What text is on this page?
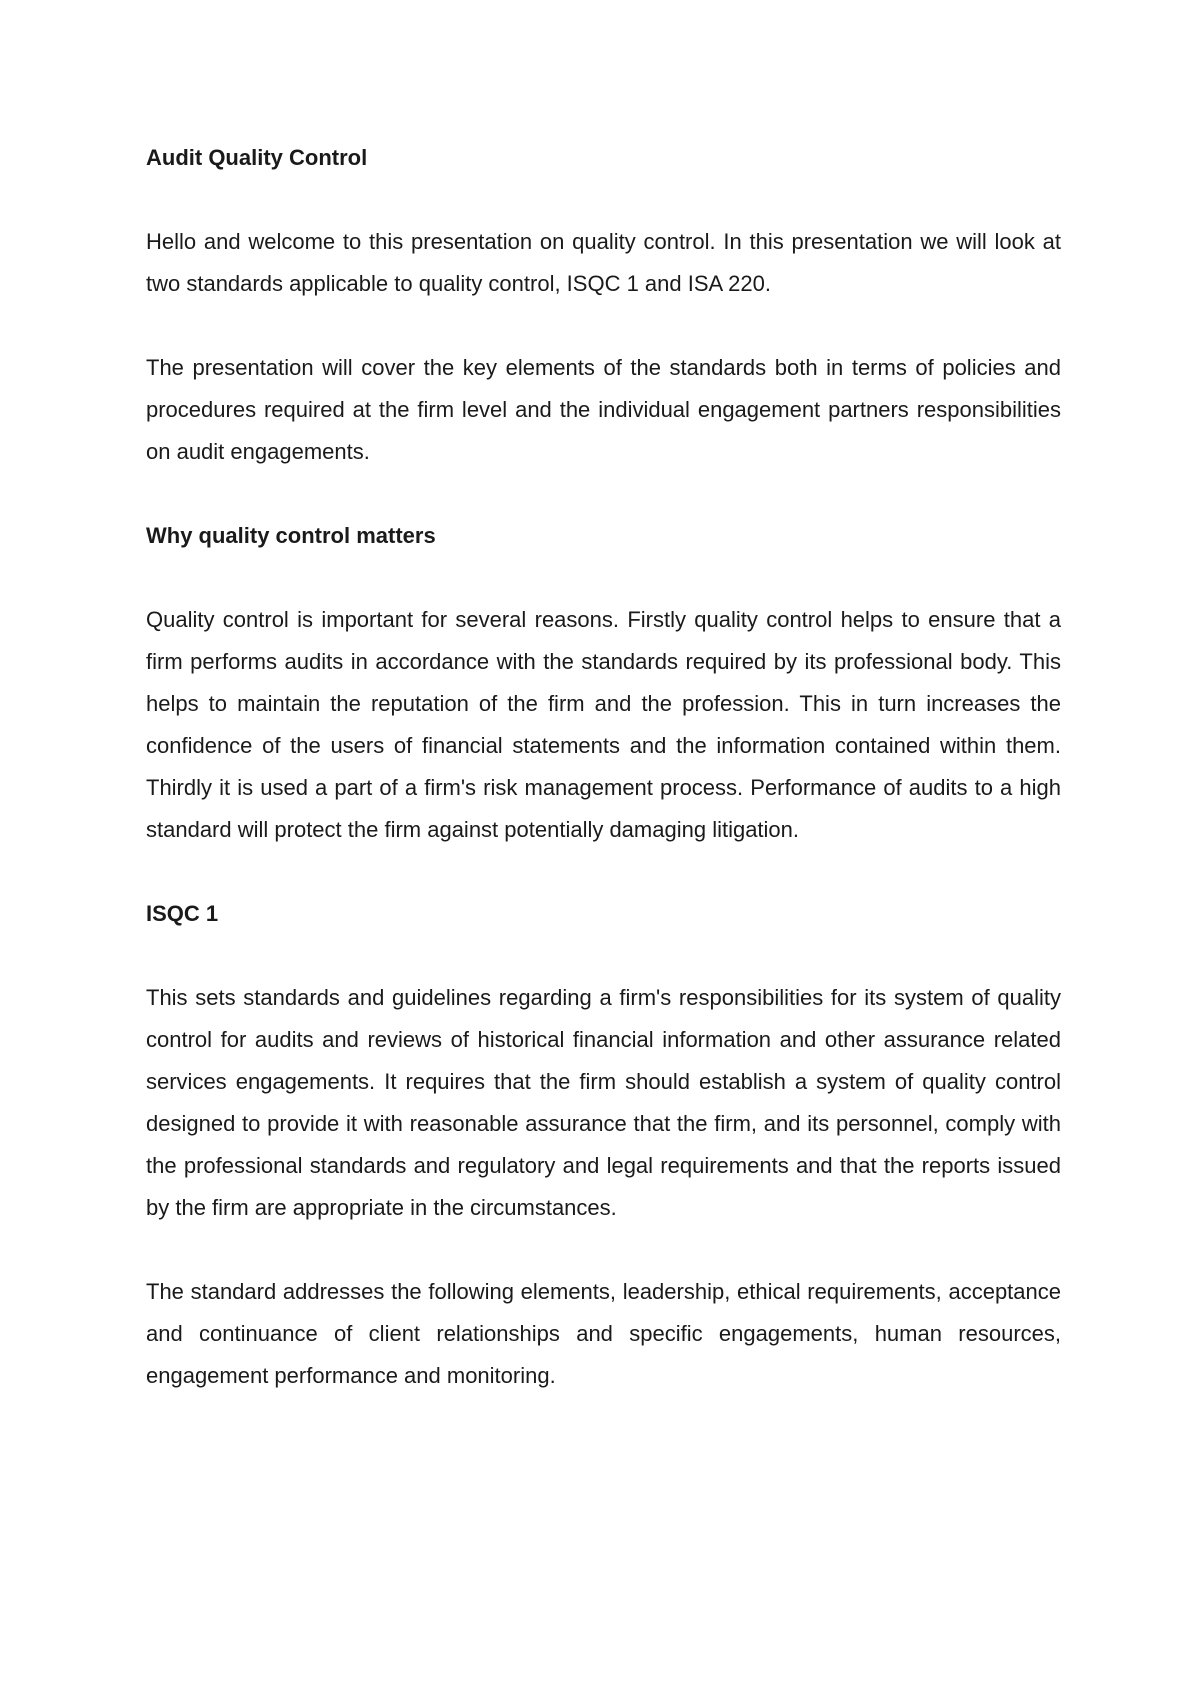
Audit Quality Control

Hello and welcome to this presentation on quality control. In this presentation we will look at two standards applicable to quality control, ISQC 1 and ISA 220.

The presentation will cover the key elements of the standards both in terms of policies and procedures required at the firm level and the individual engagement partners responsibilities on audit engagements.

Why quality control matters

Quality control is important for several reasons. Firstly quality control helps to ensure that a firm performs audits in accordance with the standards required by its professional body. This helps to maintain the reputation of the firm and the profession. This in turn increases the confidence of the users of financial statements and the information contained within them. Thirdly it is used a part of a firm's risk management process. Performance of audits to a high standard will protect the firm against potentially damaging litigation.

ISQC 1

This sets standards and guidelines regarding a firm's responsibilities for its system of quality control for audits and reviews of historical financial information and other assurance related services engagements. It requires that the firm should establish a system of quality control designed to provide it with reasonable assurance that the firm, and its personnel, comply with the professional standards and regulatory and legal requirements and that the reports issued by the firm are appropriate in the circumstances.

The standard addresses the following elements, leadership, ethical requirements, acceptance and continuance of client relationships and specific engagements, human resources, engagement performance and monitoring.
